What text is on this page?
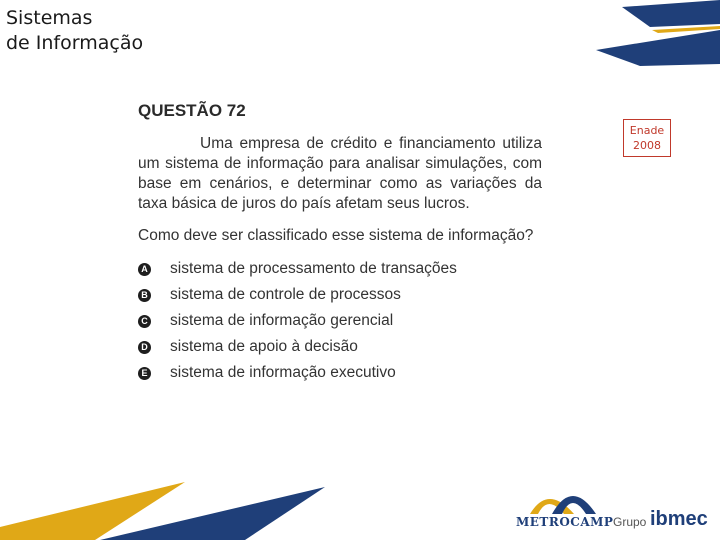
Sistemas
de Informação
Enade
2008
QUESTÃO 72

Uma empresa de crédito e financiamento utiliza um sistema de informação para analisar simulações, com base em cenários, e determinar como as variações da taxa básica de juros do país afetam seus lucros.

Como deve ser classificado esse sistema de informação?

A sistema de processamento de transações
B sistema de controle de processos
C sistema de informação gerencial
D sistema de apoio à decisão
E sistema de informação executivo
METROCAMP Grupo ibmec
